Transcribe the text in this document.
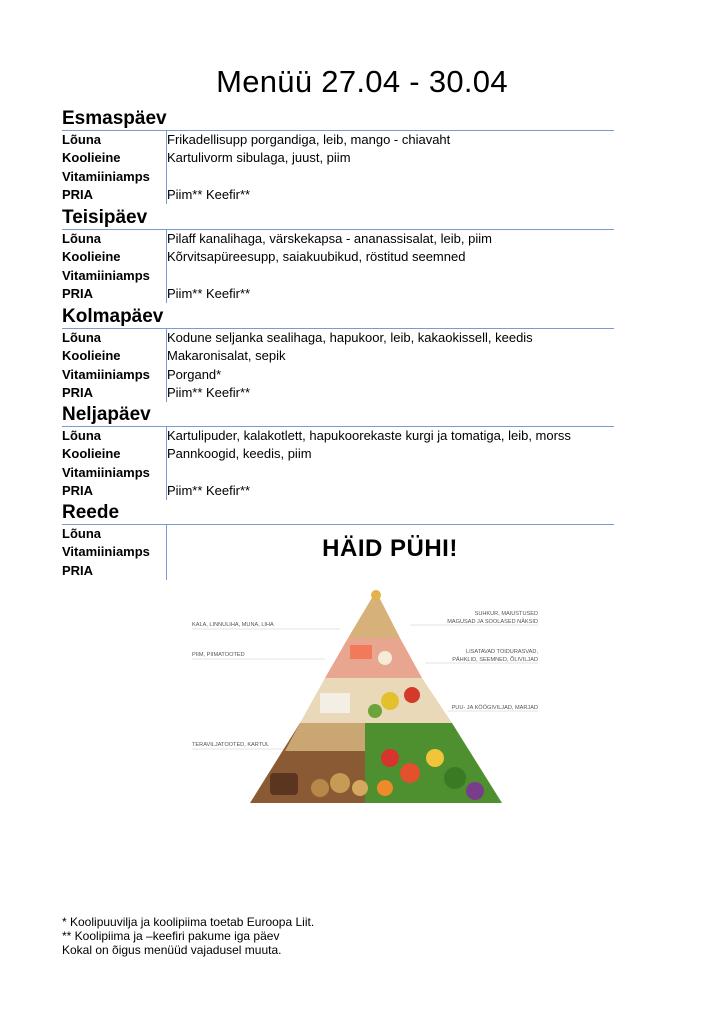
Menüü 27.04 - 30.04
Esmaspäev
Lõuna	Frikadellisupp porgandiga, leib, mango - chiavaht
Koolieine	Kartulivorm sibulaga, juust, piim
Vitamiiniamps
PRIA	Piim** Keefir**
Teisipäev
Lõuna	Pilaff kanalihaga, värskekapsa - ananassisalat, leib, piim
Koolieine	Kõrvitsapüreesupp, saiakuubikud, röstitud seemned
Vitamiiniamps
PRIA	Piim** Keefir**
Kolmapäev
Lõuna	Kodune seljanka sealihaga, hapukoor, leib, kakaokissell, keedis
Koolieine	Makaronisalat, sepik
Vitamiiniamps	Porgand*
PRIA	Piim** Keefir**
Neljapäev
Lõuna	Kartulipuder, kalakotlett, hapukoorekaste kurgi ja tomatiga, leib, morss
Koolieine	Pannkoogid, keedis, piim
Vitamiiniamps
PRIA	Piim** Keefir**
Reede
Lõuna
Vitamiiniamps
PRIA
HÄID PÜHI!
KALA, LINNULIHA, MUNA, LIHA
PIIM, PIIMATOOTED
TERAVILJATOOTED, KARTUL
SUHKUR, MAIUSTUSED
MAGUSAD JA SOOLASED NÄKSID
LISATAVAD TOIDURASVAD,
PÄHKLID, SEEMNED, ÕLIVILJAD
PUU- JA KÖÖGIVILJAD, MARJAD
* Koolipuuvilja ja koolipiima toetab Euroopa Liit.
** Koolipiima ja –keefiri pakume iga päev
Kokal on õigus menüüd vajadusel muuta.
